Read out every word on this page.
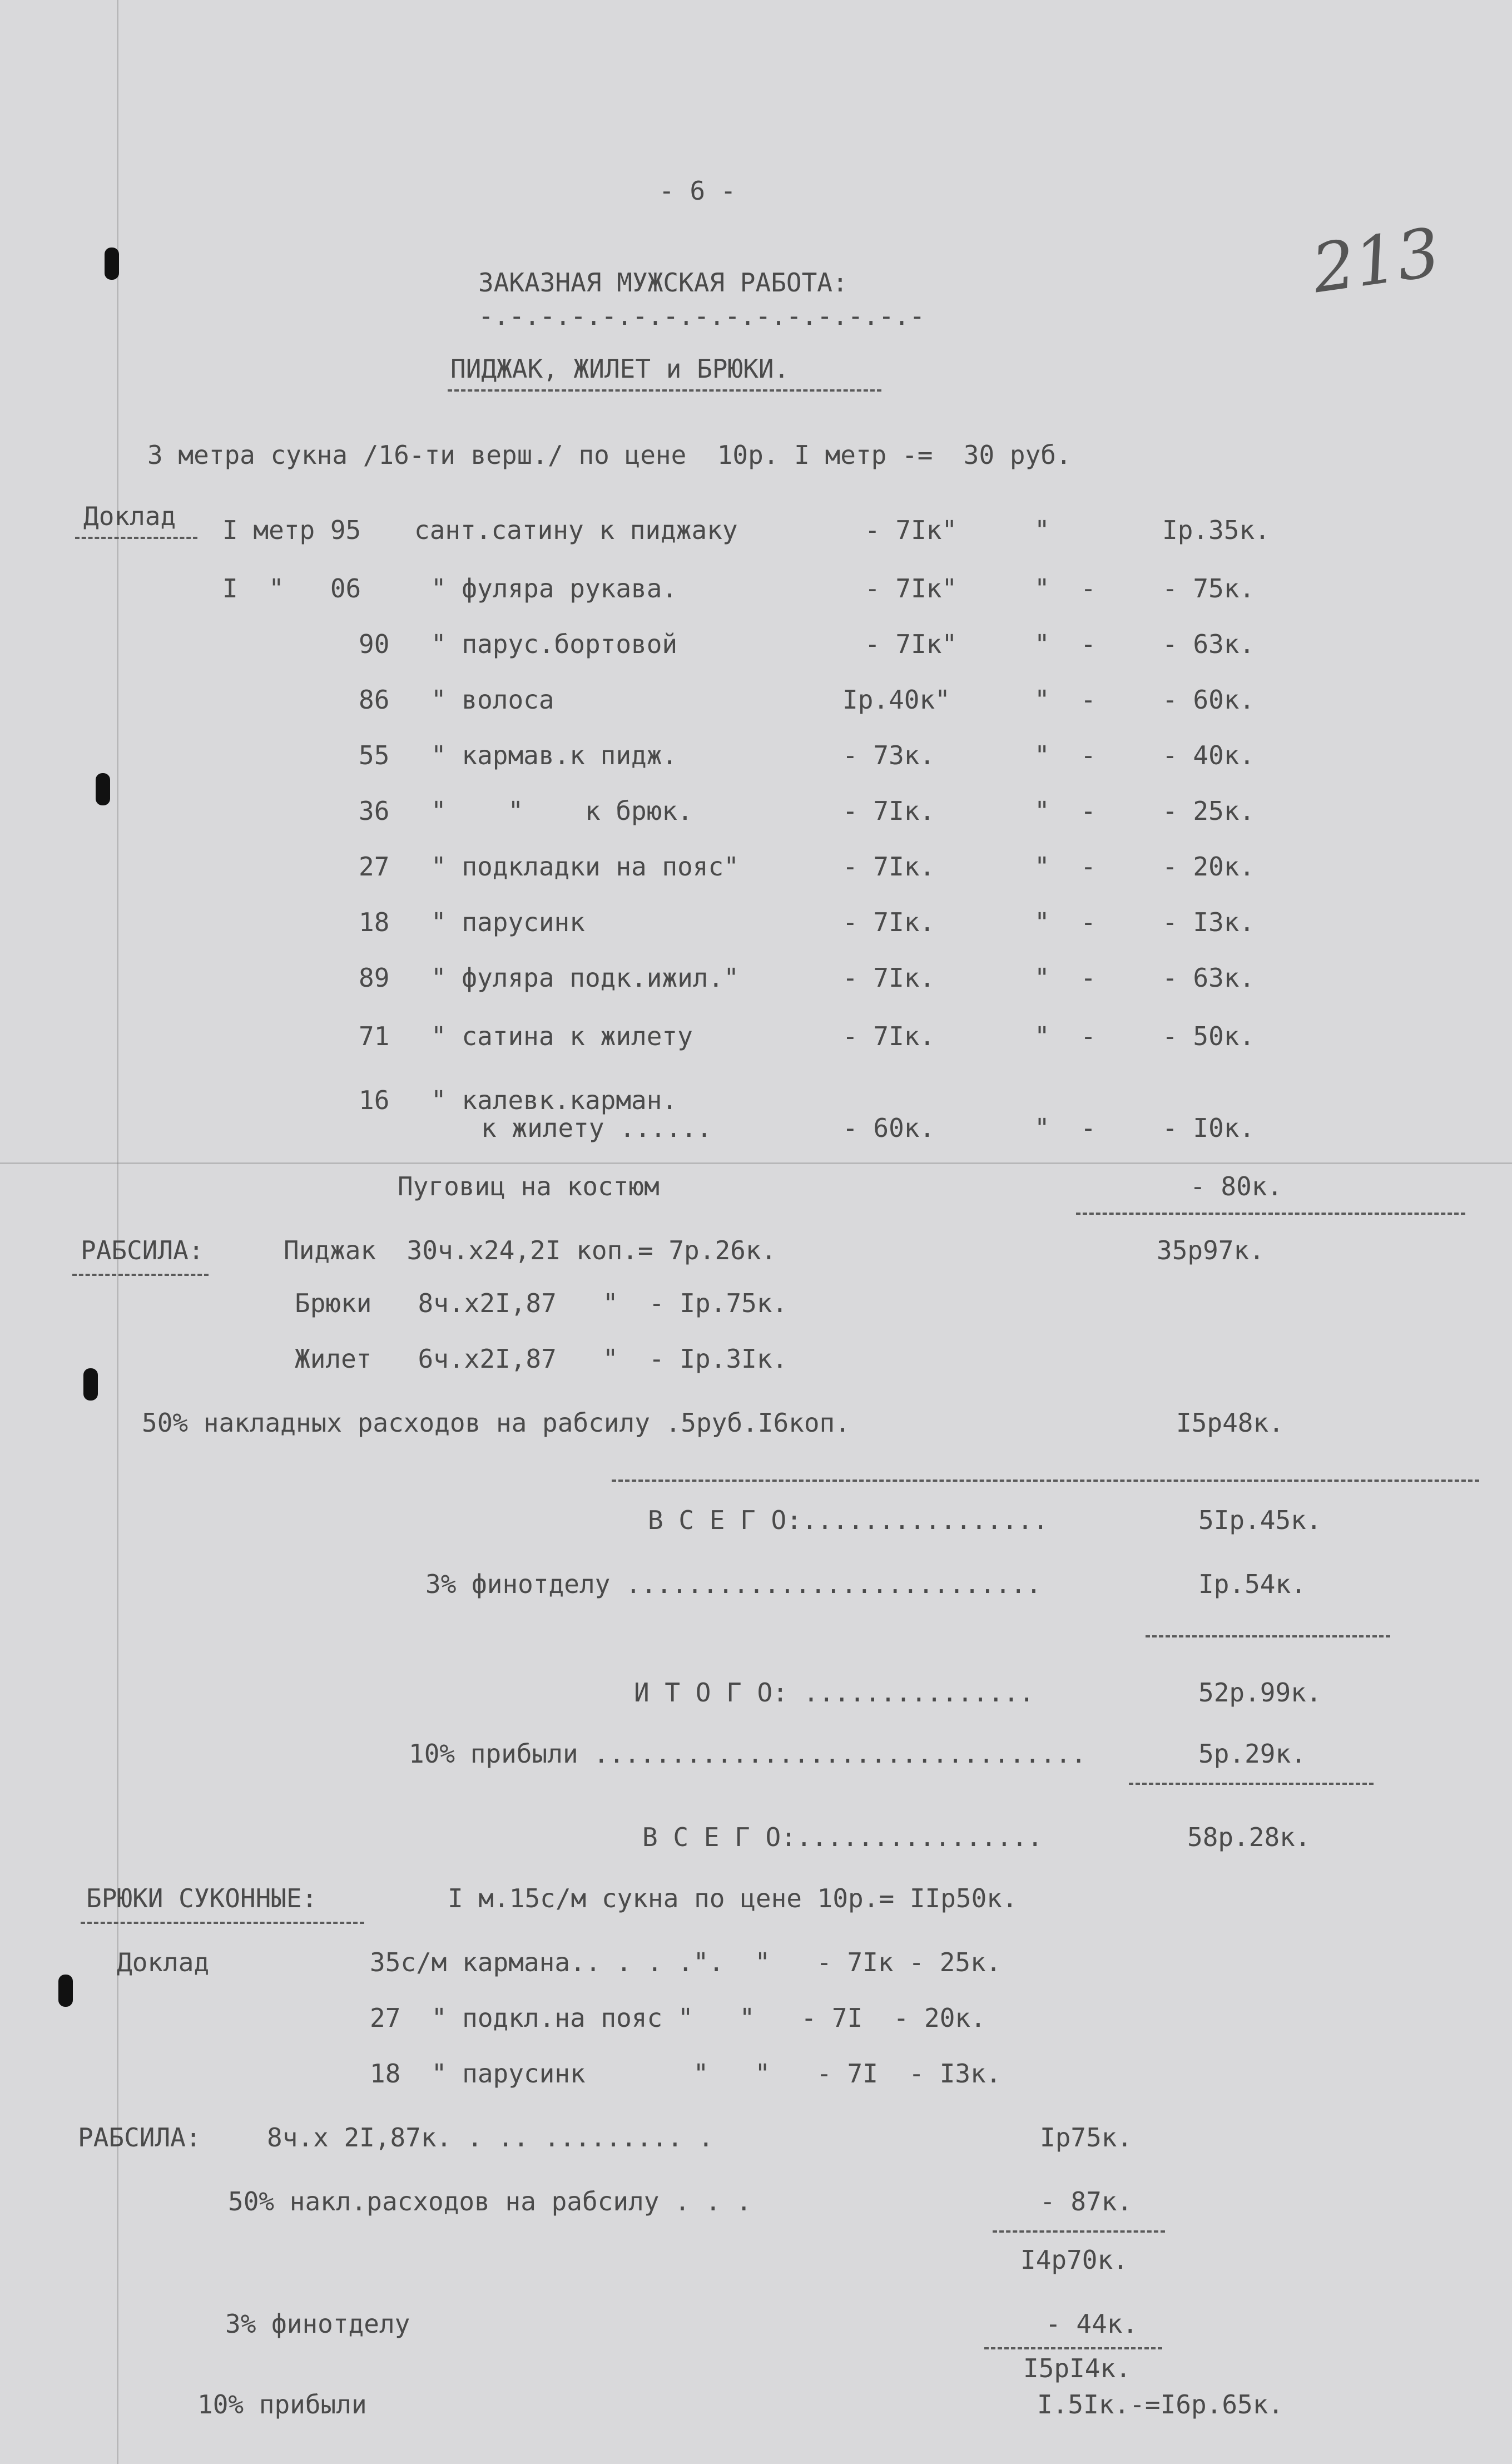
- 6 -
213
ЗАКАЗНАЯ МУЖСКАЯ РАБОТА:
-.-.-.-.-.-.-.-.-.-.-.-.-.-.-
ПИДЖАК, ЖИЛЕТ и БРЮКИ.
3 метра сукна /16-ти верш./ по цене  10р. I метр -=  30 руб.
Доклад I метр 95 сант.сатину к пиджаку	- 7Iк"	"	Iр.35к.
I  "   06	" фуляра рукава.	- 7Iк"	"  -	- 75к.
90 " парус.бортовой	- 7Iк"	"  -	- 63к.
86 " волоса	Iр.40к"	"  -	- 60к.
55 " кармав.к пидж.	- 73к.	"  -	- 40к.
36 "    "    к брюк.	- 7Iк.	"  -	- 25к.
27 " подкладки на пояс"	- 7Iк.	"  -	- 20к.
18 " парусинк	- 7Iк.	"  -	- I3к.
89 " фуляра подк.ижил."	- 7Iк.	"  -	- 63к.
71 " сатина к жилету	- 7Iк.	"  -	- 50к.
16 " калевк.карман.
к жилету ......	- 60к.	"  -	- I0к.
Пуговиц на костюм	- 80к.
РАБСИЛА:	Пиджак  30ч.х24,2I коп.= 7р.26к.	35р97к.
Брюки   8ч.х2I,87   "  - Iр.75к.
Жилет   6ч.х2I,87   "  - Iр.3Iк.
50% накладных расходов на рабсилу .5руб.I6коп.	I5р48к.
В С Е Г О:................	5Iр.45к.
3% финотделу ...........................	Iр.54к.
И Т О Г О: ...............	52р.99к.
10% прибыли ................................	5р.29к.
В С Е Г О:................	58р.28к.
БРЮКИ СУКОННЫЕ:	I м.15с/м сукна по цене 10р.= IIр50к.
Доклад	35с/м кармана.. . . .".  "   - 7Iк - 25к.
27  " подкл.на пояс "   "   - 7I  - 20к.
18  " парусинк       "   "   - 7I  - I3к.
РАБСИЛА:	8ч.х 2I,87к. . .. ......... .	Iр75к.
50% накл.расходов на рабсилу . . .	- 87к.
I4р70к.
3% финотделу	- 44к.
I5рI4к.
10% прибыли	I.5Iк.-=I6р.65к.
